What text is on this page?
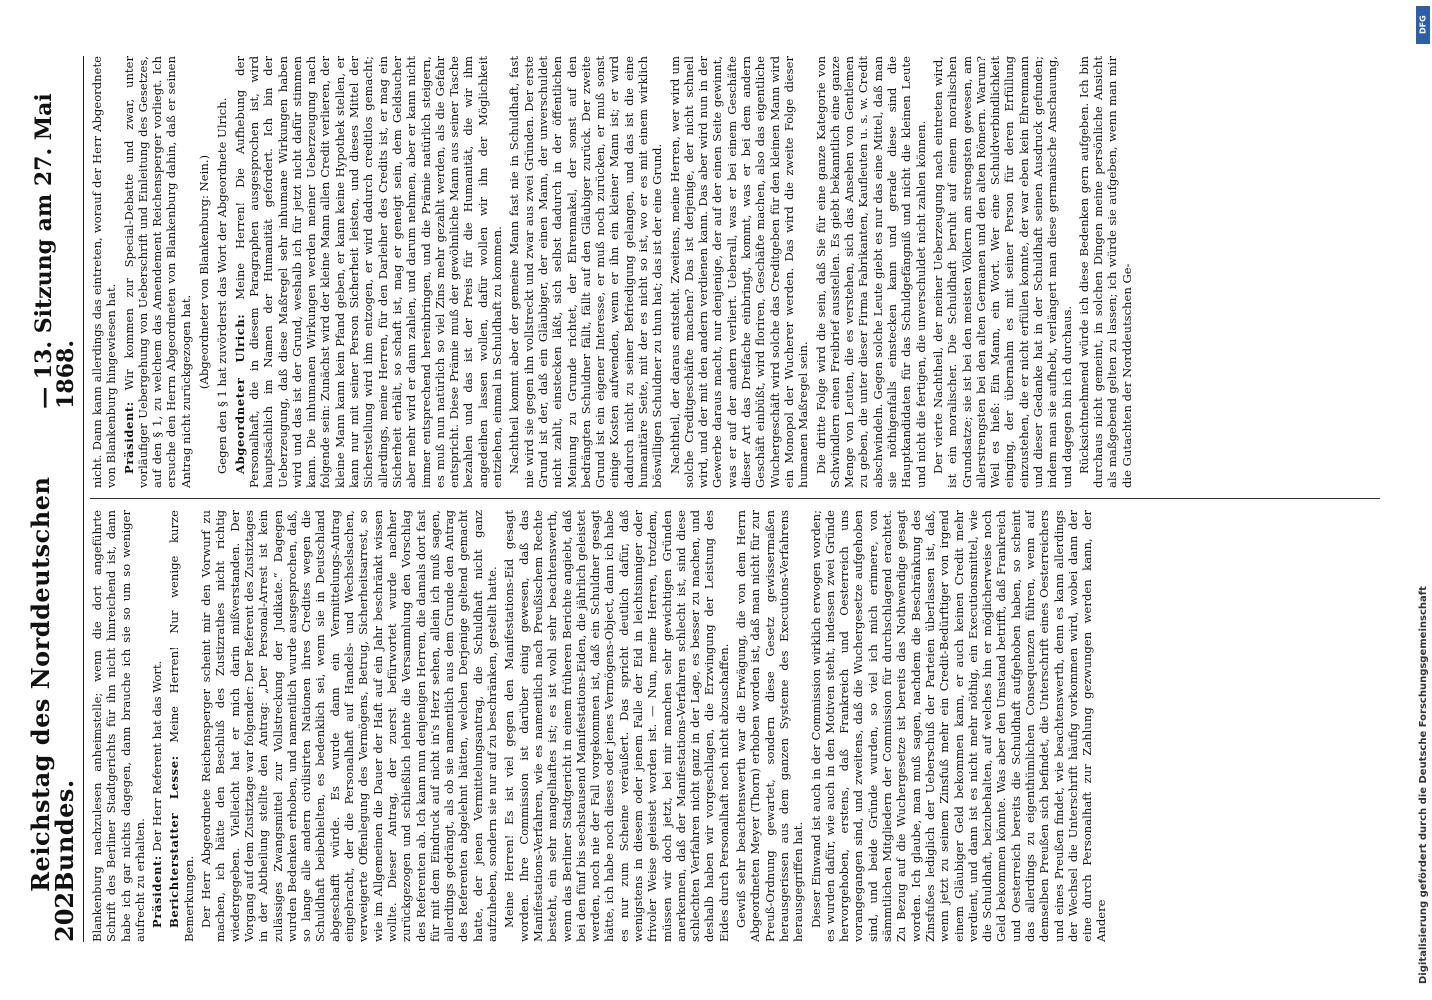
202
Reichstag des Norddeutschen Bundes.
— 13. Sitzung am 27. Mai 1868.

Blankenburg nachzulesen anheimstelle; wenn die dort angeführte Schrift des Berliner Stadtgerichts für ihn nicht hinreichend ist, dann habe ich gar nichts dagegen, dann brauche ich sie so um so weniger aufrecht zu erhalten. Präsident: Der Herr Referent hat das Wort. Berichterstatter Lesse: Meine Herren! Nur wenige kurze Bemerkungen. Der Herr Abgeordnete Reichensperger scheint mir den Vorwurf zu machen, ich hätte den Beschluß des Zustizrathes nicht richtig wiedergegeben. Vielleicht hat er mich darin mißverstanden. Der Vorgang auf dem Zustiztage war folgender: Der Referent des Zustiztages in der Abtheilung stellte den Antrag: „Der Personal-Arrest ist kein zulässiges Zwangsmittel zur Vollstreckung der Judikate.“ Dagegen wurden Bedenken erhoben, und namentlich wurde ausgesprochen, daß, so lange alle andern civilisirten Nationen ihres Credites wegen die Schuldhaft beibehielten, es bedenklich sei, wenn sie in Deutschland abgeschafft würde. Es wurde dann ein Vermittelungs-Antrag eingebracht, der die Personalhaft auf Handels- und Wechselsachen, verweigerte Offenlegung des Vermögens, Betrug, Sicherheitsarrest, so wie im Allgemeinen die Dauer der Haft auf ein Jahr beschränkt wissen wollte. Dieser Antrag, der zuerst befürwortet wurde nachher zurückgezogen und schließlich lehnte die Versammlung den Vorschlag des Referenten ab. Ich kann nun denjenigen Herren, die damals dort fast für mit dem Eindruck auf nicht in's Herz sehen, allein ich muß sagen, allerdings gedrängt, als ob sie namentlich aus dem Grunde den Antrag des Referenten abgelehnt hätten, welchen Derjenige geltend gemacht hatte, der jenen Vermittelungsantrag, die Schuldhaft nicht ganz aufzuheben, sondern sie nur auf zu beschränken, gestellt hatte. Meine Herren! Es ist viel gegen den Manifestations-Eid gesagt worden. Ihre Commission ist darüber einig gewesen, daß das Manifestations-Verfahren, wie es namentlich nach Preußischem Rechte besteht, ein sehr mangelhaftes ist; es ist wohl sehr beachtenswerth, wenn das Berliner Stadtgericht in einem früheren Berichte angiebt, daß bei den fünf bis sechstausend Manifestations-Eiden, die jährlich geleistet werden, noch nie der Fall vorgekommen ist, daß ein Schuldner gesagt hätte, ich habe noch dieses oder jenes Vermögens-Object, dann ich habe es nur zum Scheine veräußert. Das spricht deutlich dafür, daß wenigstens in diesem oder jenem Falle der Eid in leichtsinniger oder frivoler Weise geleistet worden ist. — Nun, meine Herren, trotzdem, müssen wir doch jetzt, bei mir manchen sehr gewichtigen Gründen anerkennen, daß der Manifestations-Verfahren schlecht ist, sind diese schlechten Verfahren nicht ganz in der Lage, es besser zu machen, und deshalb haben wir vorgeschlagen, die Erzwingung der Leistung des Eides durch Personalhaft noch nicht abzuschaffen. Gewiß sehr beachtenswerth war die Erwägung, die von dem Herrn Abgeordneten Meyer (Thorn) erhoben worden ist, daß man nicht für zur Preuß-Ordnung gewartet, sondern diese Gesetz gewissermaßen herausgerissen aus dem ganzen Systeme des Executions-Verfahrens herausgegriffen hat. Dieser Einwand ist auch in der Commission wirklich erwogen worden; es wurden dafür, wie auch in den Motiven steht, indessen zwei Gründe hervorgehoben, erstens, daß Frankreich und Oesterreich uns vorangegangen sind, und zweitens, daß die Wuchergesetze aufgehoben sind, und beide Gründe wurden, so viel ich mich erinnere, von sämmtlichen Mitgliedern der Commission für durchschlagend erachtet. Zu Bezug auf die Wuchergesetze ist bereits das Nothwendige gesagt worden. Ich glaube, man muß sagen, nachdem die Beschränkung des Zinsfußes lediglich der Ueberschuß der Parteien überlassen ist, daß, wenn jetzt zu seinem Zinsfuß mehr ein Credit-Bedürftiger von irgend einem Gläubiger Geld bekommen kann, er auch keinen Credit mehr verdient, und dann ist es nicht mehr nöthig, ein Executionsmittel, wie die Schuldhaft, beizubehalten, auf welches hin er möglicherweise noch Geld bekommen könnte. Was aber den Umstand betrifft, daß Frankreich und Oesterreich bereits die Schuldhaft aufgehoben haben, so scheint das allerdings zu eigenthümlichen Consequenzen führen, wenn auf demselben Preußen sich befindet, die Unterschrift eines Oesterreichers und eines Preußen findet, wie beachtenswerth, denn es kann allerdings der Wechsel die Unterschrift häufig vorkommen wird, wobei dann der eine durch Personalhaft zur Zahlung gezwungen werden kann, der Andere

nicht. Dann kann allerdings das eintreten, worauf der Herr Abgeordnete von Blankenburg hingewiesen hat. Präsident: Wir kommen zur Special-Debatte und zwar, unter vorläufiger Uebergehung von Ueberschrift und Einleitung des Gesetzes, auf den § 1, zu welchem das Amendement Reichensperger vorliegt. Ich ersuche den Herrn Abgeordneten von Blankenburg dahin, daß er seinen Antrag nicht zurückgezogen hat.

(Abgeordneter von Blankenburg: Nein.) Gegen den § 1 hat zuvörderst das Wort der Abgeordnete Ulrich. Abgeordneter Ulrich: Meine Herren! Die Aufhebung der Personalhaft, die in diesem Paragraphen ausgesprochen ist, wird hauptsächlich im Namen der Humanität gefordert. Ich bin der Ueberzeugung, daß diese Maßregel sehr inhumane Wirkungen haben wird und das ist der Grund, weshalb ich für jetzt nicht dafür stimmen kann. Die inhumanen Wirkungen werden meiner Ueberzeugung nach folgende sein: Zunächst wird der kleine Mann allen Credit verlieren, der kleine Mann kann kein Pfand geben, er kann keine Hypothek stellen, er kann nur mit seiner Person Sicherheit leisten, und dieses Mittel der Sicherstellung wird ihm entzogen, er wird dadurch creditlos gemacht; allerdings, meine Herren, für den Darleiher des Credits ist, er mag ein Sicherheit erhält, so schaft ist, mag er geneigt sein, dem Geldsucher aber mehr wird er dann zahlen, und darum nehmen, aber er kann nicht immer entsprechend hereinbringen, und die Prämie natürlich steigern, es muß nun natürlich so viel Zins mehr gezahlt werden, als die Gefahr entspricht. Diese Prämie muß der gewöhnliche Mann aus seiner Tasche bezahlen und das ist der Preis für die Humanität, die wir ihm angedeihen lassen wollen, dafür wollen wir ihn der Möglichkeit entziehen, einmal in Schuldhaft zu kommen. Nachtheil kommt aber der gemeine Mann fast nie in Schuldhaft, fast nie wird sie gegen ihn vollstreckt und zwar aus zwei Gründen. Der erste Grund ist der, daß ein Gläubiger, der einen Mann, der unverschuldet nicht zahlt, einstecken läßt, sich selbst dadurch in der öffentlichen Meinung zu Grunde richtet, der Ehrenmakel, der sonst auf den bedrängten Schuldner fällt, fällt auf den Gläubiger zurück. Der zweite Grund ist ein eigener Interesse, er muß noch zurücken, er muß sonst einige Kosten aufwenden, wenn er ihn ein kleiner Mann ist; er wird dadurch nicht zu seiner Befriedigung gelangen, und das ist die eine humanitäre Seite, mit der es nicht so ist, wo er es mit einem wirklich böswilligen Schuldner zu thun hat; das ist der eine Grund. Nachtheil, der daraus entsteht. Zweitens, meine Herren, wer wird um solche Creditgeschäfte machen? Das ist derjenige, der nicht schnell wird, und der mit den andern verdienen kann. Das aber wird nun in der Gewerbe daraus macht, nur denjenige, der auf der einen Seite gewinnt, was er auf der andern verliert. Ueberall, was er bei einem Geschäfte dieser Art das Dreifache einbringt, kommt, was er bei dem andern Geschäft einbüßt, wird floriren, Geschäfte machen, also das eigentliche Wuchergeschäft wird solche das Creditgeben für den kleinen Mann wird ein Monopol der Wucherer werden. Das wird die zweite Folge dieser humanen Maßregel sein. Die dritte Folge wird die sein, daß Sie für eine ganze Kategorie von Schwindlern einen Freibrief ausstellen. Es giebt bekanntlich eine ganze Menge von Leuten, die es verstehen, sich das Ansehen von Gentlemen zu geben, die unter dieser Firma Fabrikanten, Kaufleuten u. s. w. Credit abschwindeln. Gegen solche Leute giebt es nur das eine Mittel, daß man sie nöthigenfalls einstecken kann und gerade diese sind die Hauptkandidaten für das Schuldgefängniß und nicht die kleinen Leute und nicht die fertigen, die unverschuldet nicht zahlen können. Der vierte Nachtheil, der meiner Ueberzeugung nach eintreten wird, ist ein moralischer. Die Schuldhaft beruht auf einem moralischen Grundsatze; sie ist bei den meisten Völkern am strengsten gewesen, am allerstrengsten bei den alten Germanen und den alten Römern. Warum? Weil es hieß: Ein Mann, ein Wort. Wer eine Schuldverbindlichkeit einging, der übernahm es mit seiner Person für deren Erfüllung einzustehen, die er nicht erfüllen konnte, der war eben kein Ehrenmann und dieser Gedanke hat in der Schuldhaft seinen Ausdruck gefunden; indem man sie aufhebt, verlängert man diese germanische Anschauung, und dagegen bin ich durchaus. Rücksichtnehmend würde ich diese Bedenken gern aufgeben. Ich bin durchaus nicht gemeint, in solchen Dingen meine persönliche Ansicht als maßgebend gelten zu lassen; ich würde sie aufgeben, wenn man mir die Gutachten der Norddeutschen Ge-

Digitalisierung gefördert durch die Deutsche Forschungsgemeinschaft
DFG
